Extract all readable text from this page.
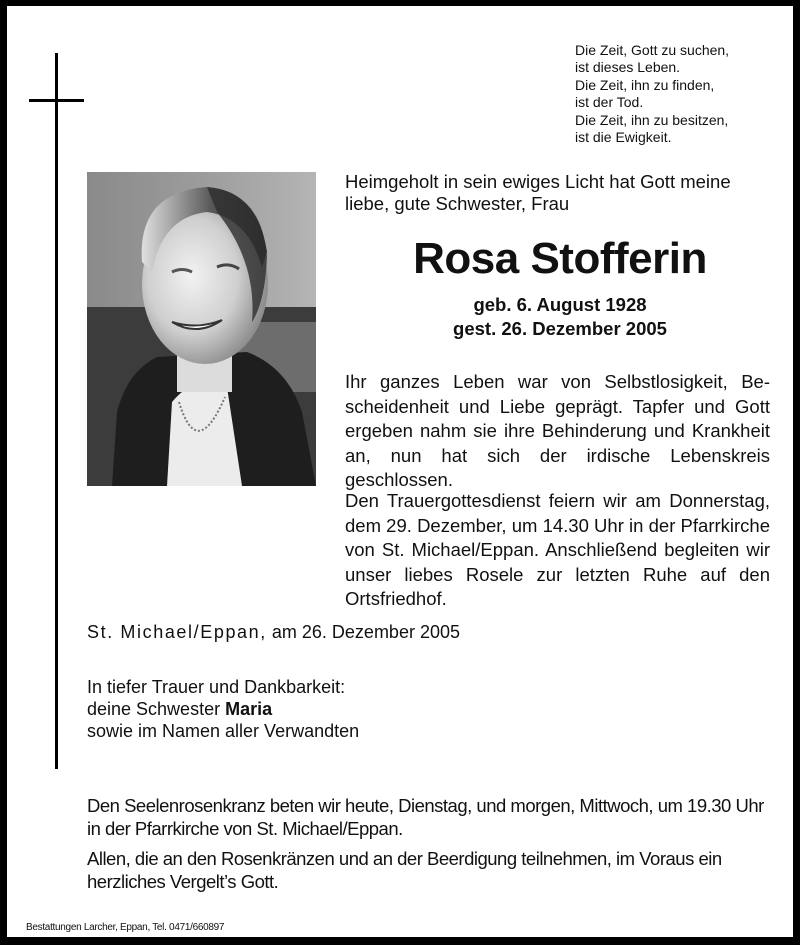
Die Zeit, Gott zu suchen,
ist dieses Leben.
Die Zeit, ihn zu finden,
ist der Tod.
Die Zeit, ihn zu besitzen,
ist die Ewigkeit.
Heimgeholt in sein ewiges Licht hat Gott meine
liebe, gute Schwester, Frau
Rosa Stofferin
geb. 6. August 1928
gest. 26. Dezember 2005
Ihr ganzes Leben war von Selbstlosigkeit, Bescheidenheit und Liebe geprägt. Tapfer und Gott ergeben nahm sie ihre Behinderung und Krankheit an, nun hat sich der irdische Lebenskreis geschlossen.
Den Trauergottesdienst feiern wir am Donnerstag, dem 29. Dezember, um 14.30 Uhr in der Pfarrkirche von St. Michael/Eppan. Anschließend begleiten wir unser liebes Rosele zur letzten Ruhe auf den Ortsfriedhof.
St. Michael/Eppan, am 26. Dezember 2005
In tiefer Trauer und Dankbarkeit:
deine Schwester Maria
sowie im Namen aller Verwandten
Den Seelenrosenkranz beten wir heute, Dienstag, und morgen, Mittwoch, um 19.30 Uhr in der Pfarrkirche von St. Michael/Eppan.
Allen, die an den Rosenkränzen und an der Beerdigung teilnehmen, im Voraus ein herzliches Vergelt’s Gott.
Bestattungen Larcher, Eppan, Tel. 0471/660897
